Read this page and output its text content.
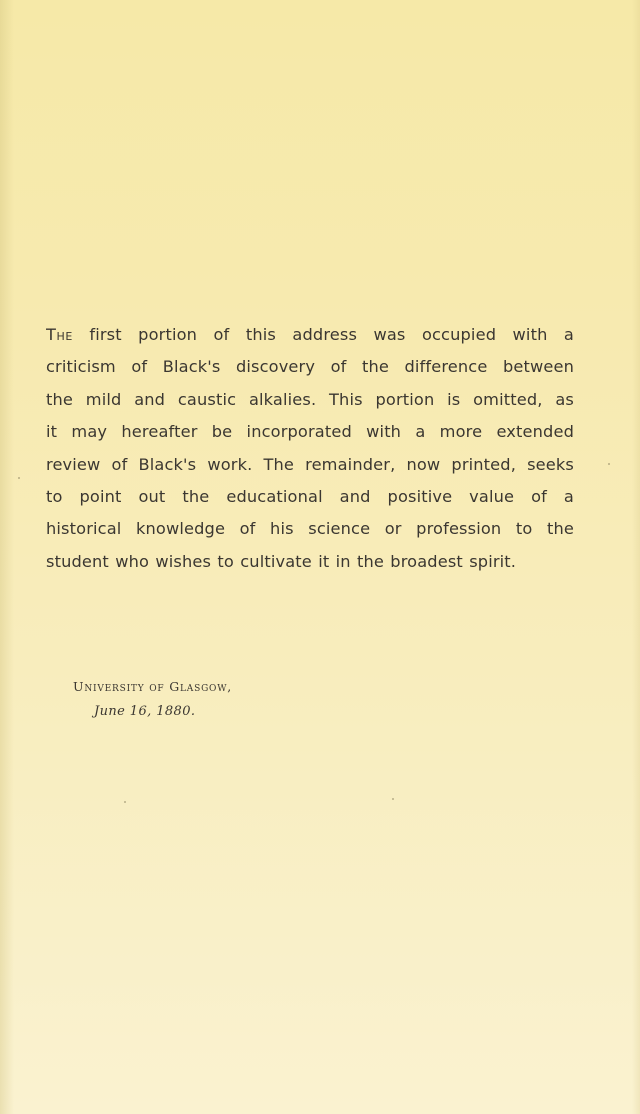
The first portion of this address was occupied with a
criticism of Black's discovery of the difference between
the mild and caustic alkalies. This portion is omitted, as
it may hereafter be incorporated with a more extended
review of Black's work. The remainder, now printed, seeks
to point out the educational and positive value of a
historical knowledge of his science or profession to the
student who wishes to cultivate it in the broadest spirit.

University of Glasgow,

June 16, 1880.
